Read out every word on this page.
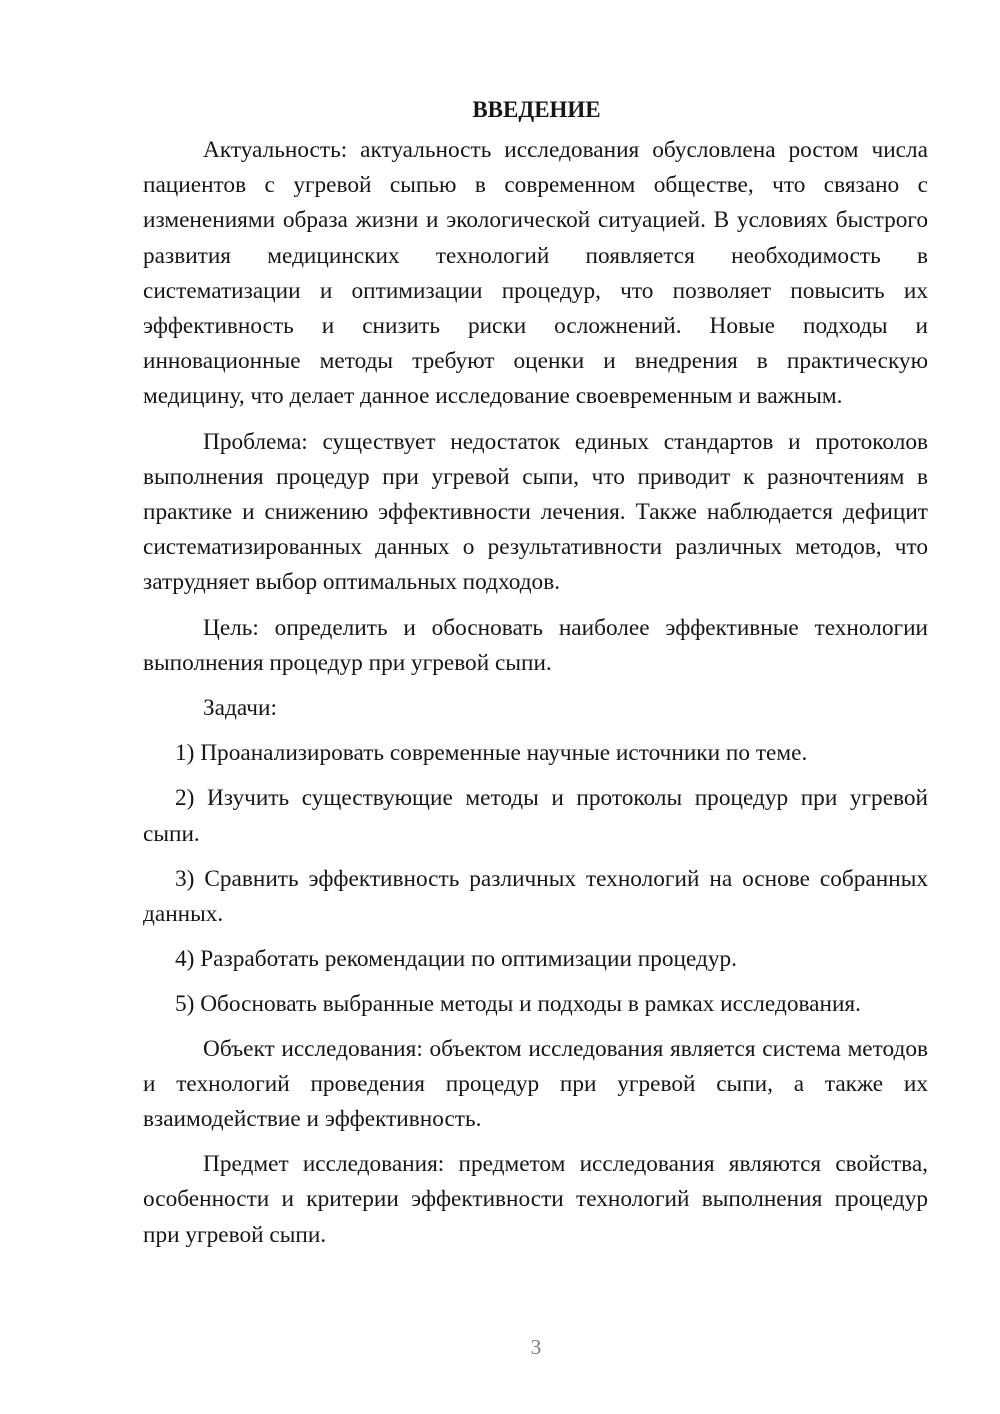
ВВЕДЕНИЕ

Актуальность: актуальность исследования обусловлена ростом числа пациентов с угревой сыпью в современном обществе, что связано с изменениями образа жизни и экологической ситуацией. В условиях быстрого развития медицинских технологий появляется необходимость в систематизации и оптимизации процедур, что позволяет повысить их эффективность и снизить риски осложнений. Новые подходы и инновационные методы требуют оценки и внедрения в практическую медицину, что делает данное исследование своевременным и важным.

Проблема: существует недостаток единых стандартов и протоколов выполнения процедур при угревой сыпи, что приводит к разночтениям в практике и снижению эффективности лечения. Также наблюдается дефицит систематизированных данных о результативности различных методов, что затрудняет выбор оптимальных подходов.

Цель: определить и обосновать наиболее эффективные технологии выполнения процедур при угревой сыпи.

Задачи:

1) Проанализировать современные научные источники по теме.

2) Изучить существующие методы и протоколы процедур при угревой сыпи.

3) Сравнить эффективность различных технологий на основе собранных данных.

4) Разработать рекомендации по оптимизации процедур.

5) Обосновать выбранные методы и подходы в рамках исследования.

Объект исследования: объектом исследования является система методов и технологий проведения процедур при угревой сыпи, а также их взаимодействие и эффективность.

Предмет исследования: предметом исследования являются свойства, особенности и критерии эффективности технологий выполнения процедур при угревой сыпи.

3
